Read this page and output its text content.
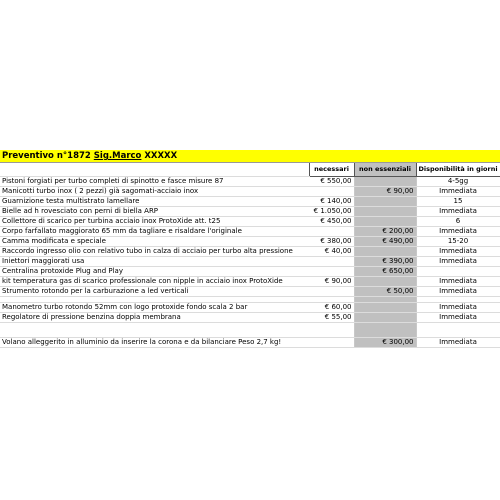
Preventivo n°1872 Sig.Marco XXXXX			
	necessari	non essenziali	Disponibilità in giorni
Pistoni forgiati per turbo completi di spinotto e fasce misure 87	€ 550,00		4-5gg
Manicotti turbo inox ( 2 pezzi) già sagomati-acciaio inox		€ 90,00	Immediata
Guarnizione testa multistrato lamellare	€ 140,00		15
Bielle ad h rovesciato con perni di biella ARP	€ 1.050,00		Immediata
Collettore di scarico per turbina acciaio inox ProtoXide att. t25	€ 450,00		6
Corpo farfallato maggiorato 65 mm da tagliare e risaldare l'originale		€ 200,00	Immediata
Camma modificata e speciale	€ 380,00	€ 490,00	15-20
Raccordo ingresso olio con relativo tubo in calza di acciaio per turbo alta pressione	€ 40,00		Immediata
Iniettori maggiorati usa		€ 390,00	Immediata
Centralina protoxide Plug and Play		€ 650,00	
kit temperatura gas di scarico professionale con nipple in acciaio inox ProtoXide	€ 90,00		Immediata
Strumento rotondo per la carburazione a led verticali		€ 50,00	Immediata

Manometro turbo rotondo 52mm con logo protoxide fondo scala 2 bar	€ 60,00		Immediata
Regolatore di pressione benzina doppia membrana	€ 55,00		Immediata

Volano alleggerito in alluminio da inserire la corona e da bilanciare Peso 2,7 kg!		€ 300,00	Immediata
